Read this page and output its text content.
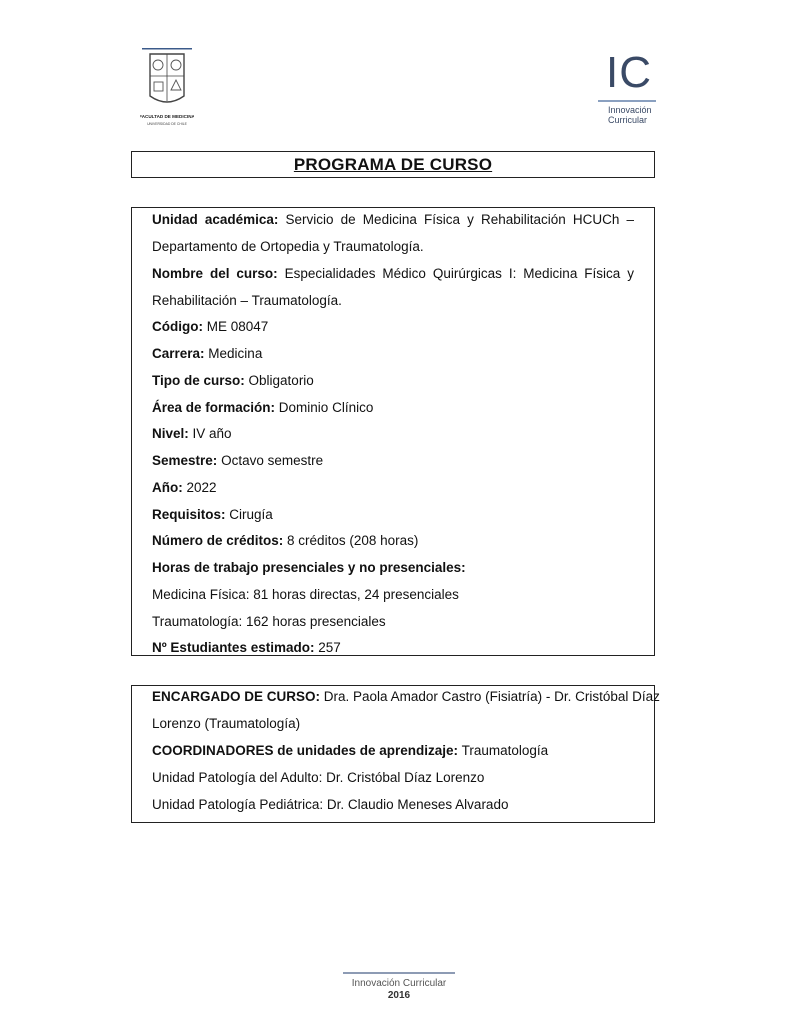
FACULTAD DE MEDICINA
UNIVERSIDAD DE CHILE
IC
Innovación
Curricular
PROGRAMA DE CURSO
Unidad académica: Servicio de Medicina Física y Rehabilitación HCUCh –
Departamento de Ortopedia y Traumatología.
Nombre del curso: Especialidades Médico Quirúrgicas I: Medicina Física y
Rehabilitación – Traumatología.
Código: ME 08047
Carrera: Medicina
Tipo de curso: Obligatorio
Área de formación: Dominio Clínico
Nivel: IV año
Semestre: Octavo semestre
Año: 2022
Requisitos: Cirugía
Número de créditos: 8 créditos (208 horas)
Horas de trabajo presenciales y no presenciales:
Medicina Física: 81 horas directas, 24 presenciales
Traumatología: 162 horas presenciales
Nº Estudiantes estimado: 257
ENCARGADO DE CURSO: Dra. Paola Amador Castro (Fisiatría) - Dr. Cristóbal Díaz
Lorenzo (Traumatología)
COORDINADORES de unidades de aprendizaje: Traumatología
Unidad Patología del Adulto: Dr. Cristóbal Díaz Lorenzo
Unidad Patología Pediátrica: Dr. Claudio Meneses Alvarado
Innovación Curricular
2016
